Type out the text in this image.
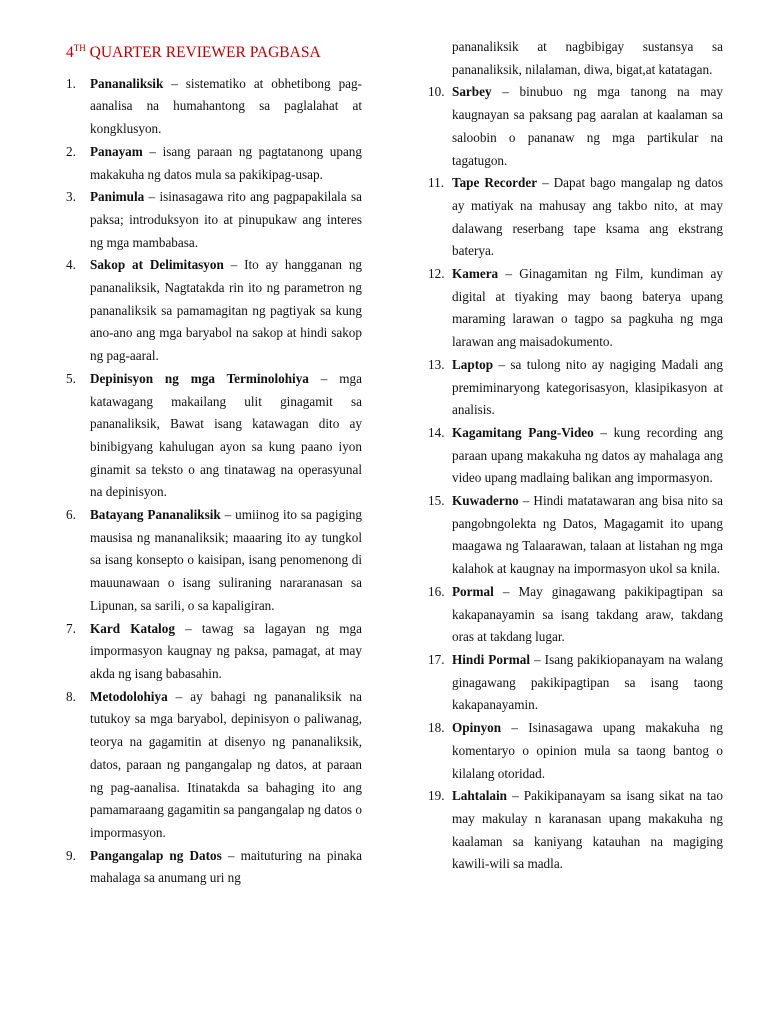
4TH QUARTER REVIEWER PAGBASA
1. Pananaliksik – sistematiko at obhetibong pag-aanalisa na humahantong sa paglalahat at kongklusyon.
2. Panayam – isang paraan ng pagtatanong upang makakuha ng datos mula sa pakikipag-usap.
3. Panimula – isinasagawa rito ang pagpapakilala sa paksa; introduksyon ito at pinupukaw ang interes ng mga mambabasa.
4. Sakop at Delimitasyon – Ito ay hangganan ng pananaliksik, Nagtatakda rin ito ng parametron ng pananaliksik sa pamamagitan ng pagtiyak sa kung ano-ano ang mga baryabol na sakop at hindi sakop ng pag-aaral.
5. Depinisyon ng mga Terminolohiya – mga katawagang makailang ulit ginagamit sa pananaliksik, Bawat isang katawagan dito ay binibigyang kahulugan ayon sa kung paano iyon ginamit sa teksto o ang tinatawag na operasyunal na depinisyon.
6. Batayang Pananaliksik – umiinog ito sa pagiging mausisa ng mananaliksik; maaaring ito ay tungkol sa isang konsepto o kaisipan, isang penomenong di mauunawaan o isang suliraning nararanasan sa Lipunan, sa sarili, o sa kapaligiran.
7. Kard Katalog – tawag sa lagayan ng mga impormasyon kaugnay ng paksa, pamagat, at may akda ng isang babasahin.
8. Metodolohiya – ay bahagi ng pananaliksik na tutukoy sa mga baryabol, depinisyon o paliwanag, teorya na gagamitin at disenyo ng pananaliksik, datos, paraan ng pangangalap ng datos, at paraan ng pag-aanalisa. Itinatakda sa bahaging ito ang pamamaraang gagamitin sa pangangalap ng datos o impormasyon.
9. Pangangalap ng Datos – maituturing na pinaka mahalaga sa anumang uri ng
pananaliksik at nagbibigay sustansya sa pananaliksik, nilalaman, diwa, bigat,at katatagan.
10. Sarbey – binubuo ng mga tanong na may kaugnayan sa paksang pag aaralan at kaalaman sa saloobin o pananaw ng mga partikular na tagatugon.
11. Tape Recorder – Dapat bago mangalap ng datos ay matiyak na mahusay ang takbo nito, at may dalawang reserbang tape ksama ang ekstrang baterya.
12. Kamera – Ginagamitan ng Film, kundiman ay digital at tiyaking may baong baterya upang maraming larawan o tagpo sa pagkuha ng mga larawan ang maisadokumento.
13. Laptop – sa tulong nito ay nagiging Madali ang premiminaryong kategorisasyon, klasipikasyon at analisis.
14. Kagamitang Pang-Video – kung recording ang paraan upang makakuha ng datos ay mahalaga ang video upang madlaing balikan ang impormasyon.
15. Kuwaderno – Hindi matatawaran ang bisa nito sa pangobngolekta ng Datos, Magagamit ito upang maagawa ng Talaarawan, talaan at listahan ng mga kalahok at kaugnay na impormasyon ukol sa knila.
16. Pormal – May ginagawang pakikipagtipan sa kakapanayamin sa isang takdang araw, takdang oras at takdang lugar.
17. Hindi Pormal – Isang pakikiopanayam na walang ginagawang pakikipagtipan sa isang taong kakapanayamin.
18. Opinyon – Isinasagawa upang makakuha ng komentaryo o opinion mula sa taong bantog o kilalang otoridad.
19. Lahtalain – Pakikipanayam sa isang sikat na tao may makulay n karanasan upang makakuha ng kaalaman sa kaniyang katauhan na magiging kawili-wili sa madla.
